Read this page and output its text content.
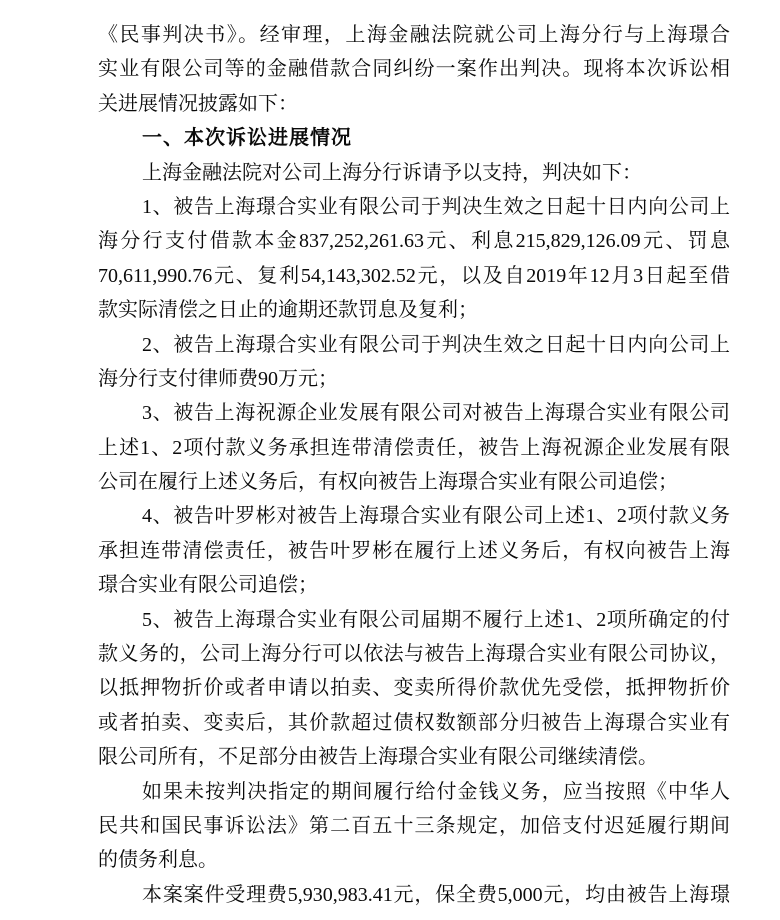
《民事判决书》。经审理，上海金融法院就公司上海分行与上海璟合
实业有限公司等的金融借款合同纠纷一案作出判决。现将本次诉讼相
关进展情况披露如下：
一、本次诉讼进展情况
上海金融法院对公司上海分行诉请予以支持，判决如下：
1、被告上海璟合实业有限公司于判决生效之日起十日内向公司上
海分行支付借款本金837,252,261.63元、利息215,829,126.09元、罚息
70,611,990.76元、复利54,143,302.52元，以及自2019年12月3日起至借
款实际清偿之日止的逾期还款罚息及复利；
2、被告上海璟合实业有限公司于判决生效之日起十日内向公司上
海分行支付律师费90万元；
3、被告上海祝源企业发展有限公司对被告上海璟合实业有限公司
上述1、2项付款义务承担连带清偿责任，被告上海祝源企业发展有限
公司在履行上述义务后，有权向被告上海璟合实业有限公司追偿；
4、被告叶罗彬对被告上海璟合实业有限公司上述1、2项付款义务
承担连带清偿责任，被告叶罗彬在履行上述义务后，有权向被告上海
璟合实业有限公司追偿；
5、被告上海璟合实业有限公司届期不履行上述1、2项所确定的付
款义务的，公司上海分行可以依法与被告上海璟合实业有限公司协议，
以抵押物折价或者申请以拍卖、变卖所得价款优先受偿，抵押物折价
或者拍卖、变卖后，其价款超过债权数额部分归被告上海璟合实业有
限公司所有，不足部分由被告上海璟合实业有限公司继续清偿。
如果未按判决指定的期间履行给付金钱义务，应当按照《中华人
民共和国民事诉讼法》第二百五十三条规定，加倍支付迟延履行期间
的债务利息。
本案案件受理费5,930,983.41元，保全费5,000元，均由被告上海璟
